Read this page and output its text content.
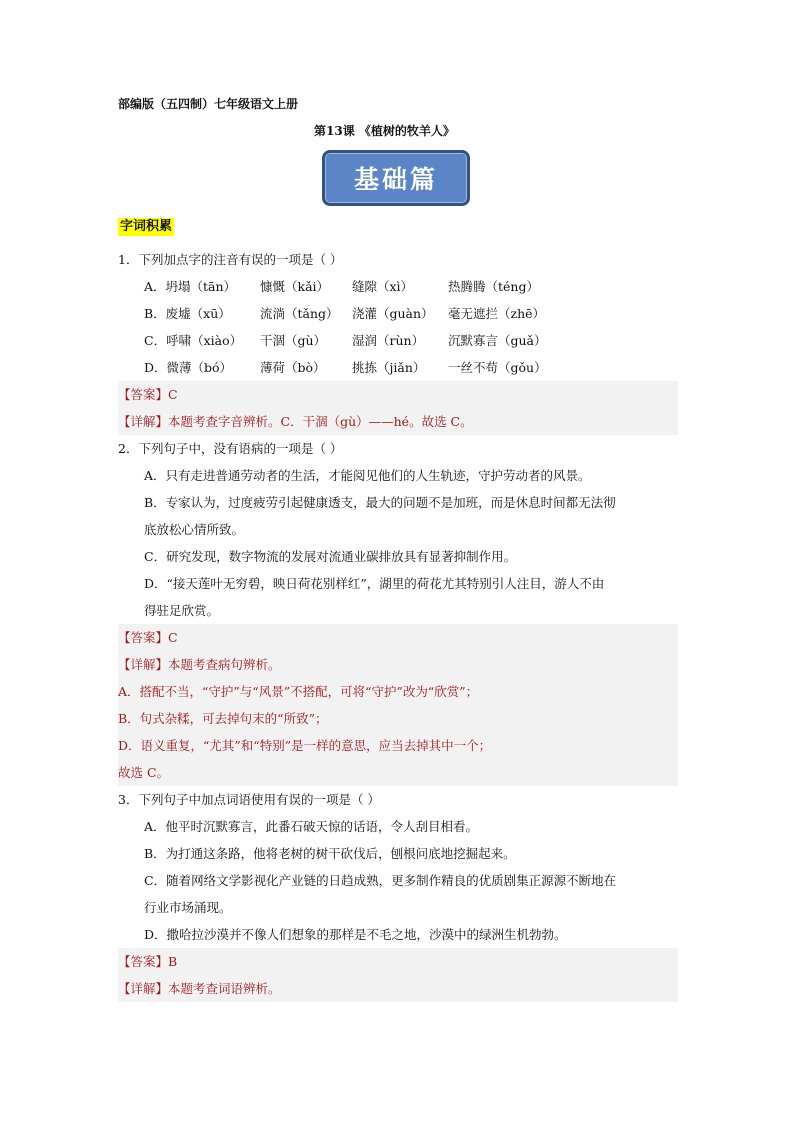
部编版（五四制）七年级语文上册
第13课 《植树的牧羊人》
基础篇
字词积累
1．下列加点字的注音有误的一项是（ ）
A．坍塌（tān） 慷慨（kǎi） 缝隙（xì）	热腾腾（téng）
B．废墟（xū） 流淌（tǎng） 浇灌（guàn） 毫无遮拦（zhē）
C．呼啸（xiào） 干涸（gù） 湿润（rùn） 沉默寡言（guǎ）
D．微薄（bó） 薄荷（bò） 挑拣（jiǎn） 一丝不苟（gǒu）
【答案】C
【详解】本题考查字音辨析。C．干涸（gù）——hé。故选 C。
2．下列句子中，没有语病的一项是（ ）
A．只有走进普通劳动者的生活，才能阅见他们的人生轨迹，守护劳动者的风景。
B．专家认为，过度疲劳引起健康透支，最大的问题不是加班，而是休息时间都无法彻
底放松心情所致。
C．研究发现，数字物流的发展对流通业碳排放具有显著抑制作用。
D．“接天莲叶无穷碧，映日荷花别样红”，湖里的荷花尤其特别引人注目，游人不由
得驻足欣赏。
【答案】C
【详解】本题考查病句辨析。
A．搭配不当，“守护”与“风景”不搭配，可将“守护”改为“欣赏”；
B．句式杂糅，可去掉句末的“所致”；
D．语义重复，“尤其”和“特别”是一样的意思，应当去掉其中一个；
故选 C。
3．下列句子中加点词语使用有误的一项是（ ）
A．他平时沉默寡言，此番石破天惊的话语，令人刮目相看。
B．为打通这条路，他将老树的树干砍伐后，刨根问底地挖掘起来。
C．随着网络文学影视化产业链的日趋成熟，更多制作精良的优质剧集正源源不断地在
行业市场涌现。
D．撒哈拉沙漠并不像人们想象的那样是不毛之地，沙漠中的绿洲生机勃勃。
【答案】B
【详解】本题考查词语辨析。
